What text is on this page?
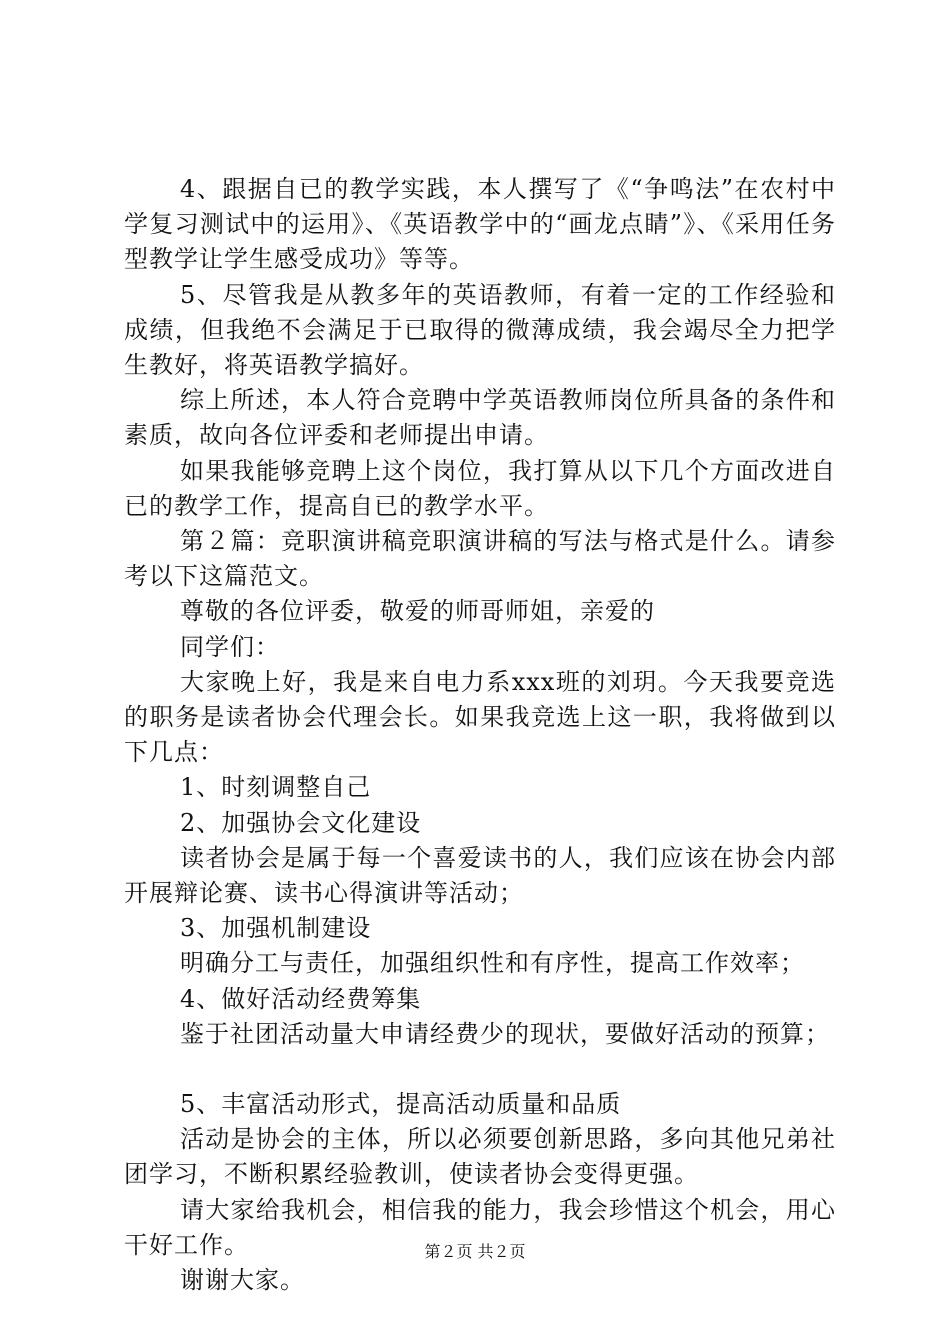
4、跟据自已的教学实践，本人撰写了《“争鸣法”在农村中学复习测试中的运用》、《英语教学中的“画龙点睛”》、《采用任务型教学让学生感受成功》等等。

5、尽管我是从教多年的英语教师，有着一定的工作经验和成绩，但我绝不会满足于已取得的微薄成绩，我会竭尽全力把学生教好，将英语教学搞好。

综上所述，本人符合竞聘中学英语教师岗位所具备的条件和素质，故向各位评委和老师提出申请。

如果我能够竞聘上这个岗位，我打算从以下几个方面改进自已的教学工作，提高自已的教学水平。

第２篇：竞职演讲稿竞职演讲稿的写法与格式是什么。请参考以下这篇范文。

尊敬的各位评委，敬爱的师哥师姐，亲爱的

同学们：

大家晚上好，我是来自电力系xxx班的刘玥。今天我要竞选的职务是读者协会代理会长。如果我竞选上这一职，我将做到以下几点：

1、时刻调整自己

2、加强协会文化建设

读者协会是属于每一个喜爱读书的人，我们应该在协会内部开展辩论赛、读书心得演讲等活动；

3、加强机制建设

明确分工与责任，加强组织性和有序性，提高工作效率；

4、做好活动经费筹集

鉴于社团活动量大申请经费少的现状，要做好活动的预算；

5、丰富活动形式，提高活动质量和品质

活动是协会的主体，所以必须要创新思路，多向其他兄弟社团学习，不断积累经验教训，使读者协会变得更强。

请大家给我机会，相信我的能力，我会珍惜这个机会，用心干好工作。

谢谢大家。

第２页 共２页
